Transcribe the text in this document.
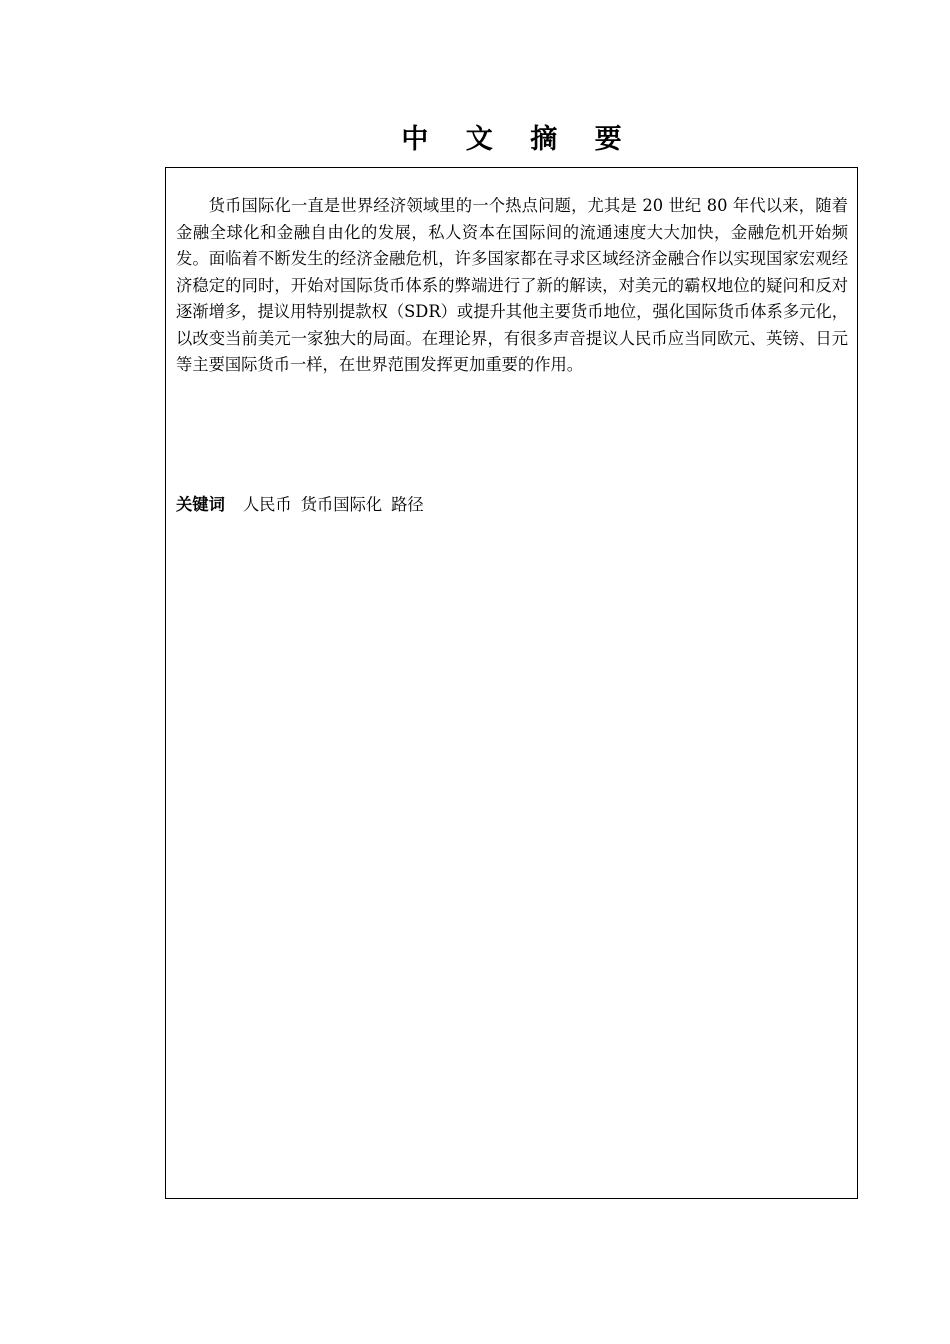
中 文 摘 要

货币国际化一直是世界经济领域里的一个热点问题，尤其是 20 世纪 80 年代以来，随着金融全球化和金融自由化的发展，私人资本在国际间的流通速度大大加快，金融危机开始频发。面临着不断发生的经济金融危机，许多国家都在寻求区域经济金融合作以实现国家宏观经济稳定的同时，开始对国际货币体系的弊端进行了新的解读，对美元的霸权地位的疑问和反对逐渐增多，提议用特别提款权（SDR）或提升其他主要货币地位，强化国际货币体系多元化，以改变当前美元一家独大的局面。在理论界，有很多声音提议人民币应当同欧元、英镑、日元等主要国际货币一样，在世界范围发挥更加重要的作用。

关键词 人民币 货币国际化 路径
